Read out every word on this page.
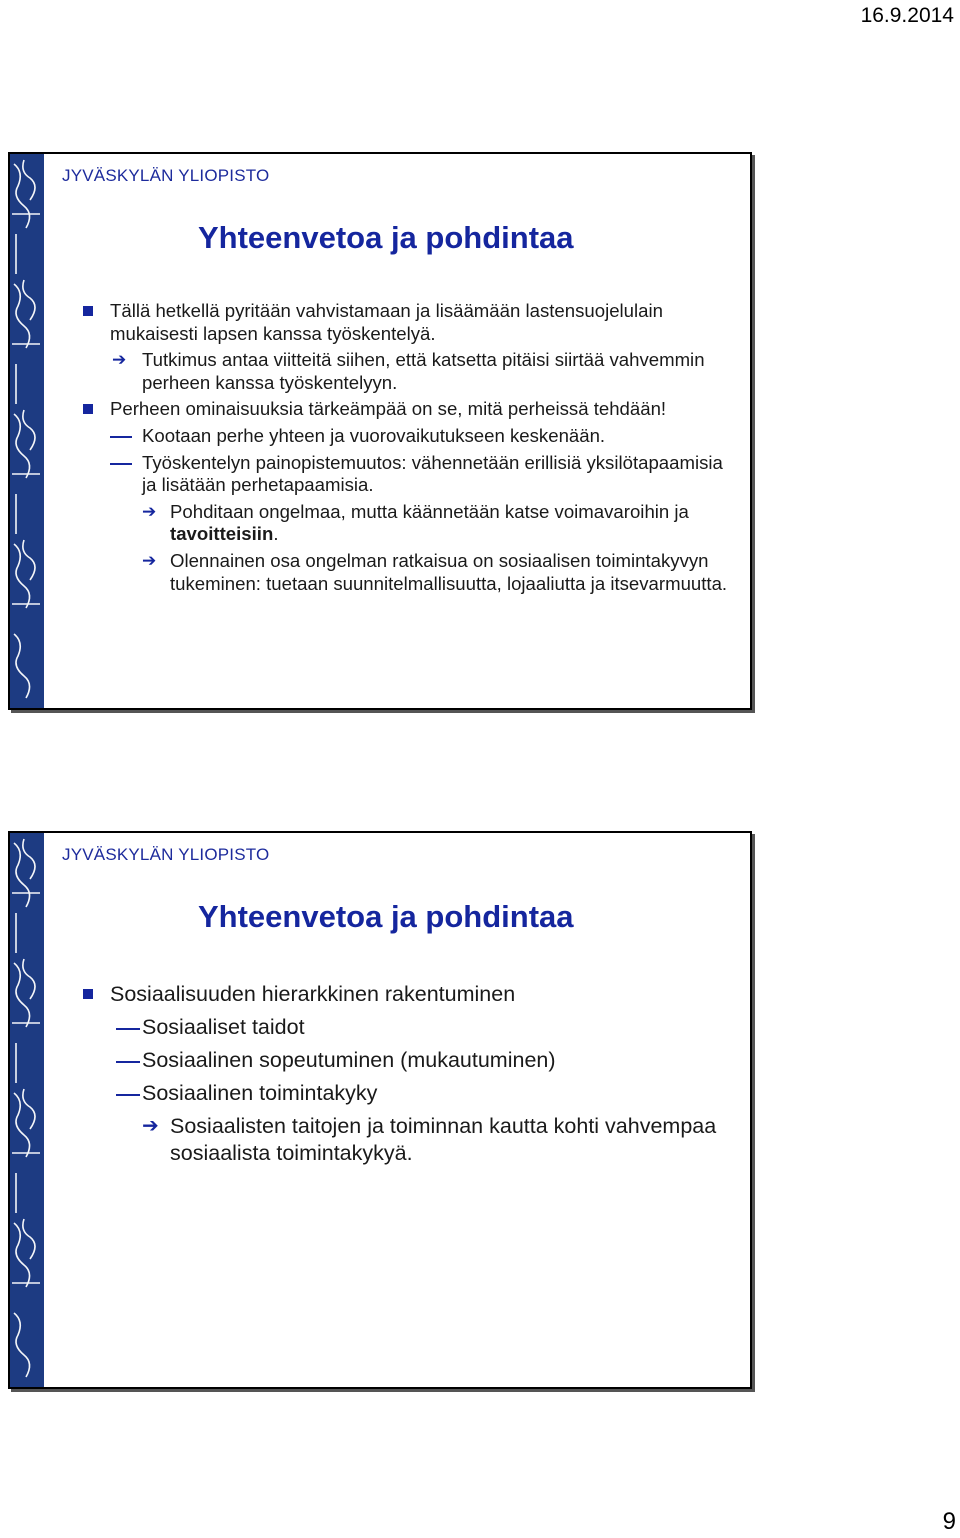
16.9.2014
JYVÄSKYLÄN YLIOPISTO
Yhteenvetoa ja pohdintaa
Tällä hetkellä pyritään vahvistamaan ja lisäämään lastensuojelulain mukaisesti lapsen kanssa työskentelyä.
➔ Tutkimus antaa viitteitä siihen, että katsetta pitäisi siirtää vahvemmin perheen kanssa työskentelyyn.
Perheen ominaisuuksia tärkeämpää on se, mitä perheissä tehdään!
Kootaan perhe yhteen ja vuorovaikutukseen keskenään.
Työskentelyn painopistemuutos: vähennetään erillisiä yksilötapaamisia ja lisätään perhetapaamisia.
➔ Pohditaan ongelmaa, mutta käännetään katse voimavaroihin ja tavoitteisiin.
➔ Olennainen osa ongelman ratkaisua on sosiaalisen toimintakyvyn tukeminen: tuetaan suunnitelmallisuutta, lojaaliutta ja itsevarmuutta.
JYVÄSKYLÄN YLIOPISTO
Yhteenvetoa ja pohdintaa
Sosiaalisuuden hierarkkinen rakentuminen
Sosiaaliset taidot
Sosiaalinen sopeutuminen (mukautuminen)
Sosiaalinen toimintakyky
➔ Sosiaalisten taitojen ja toiminnan kautta kohti vahvempaa sosiaalista toimintakykyä.
9
